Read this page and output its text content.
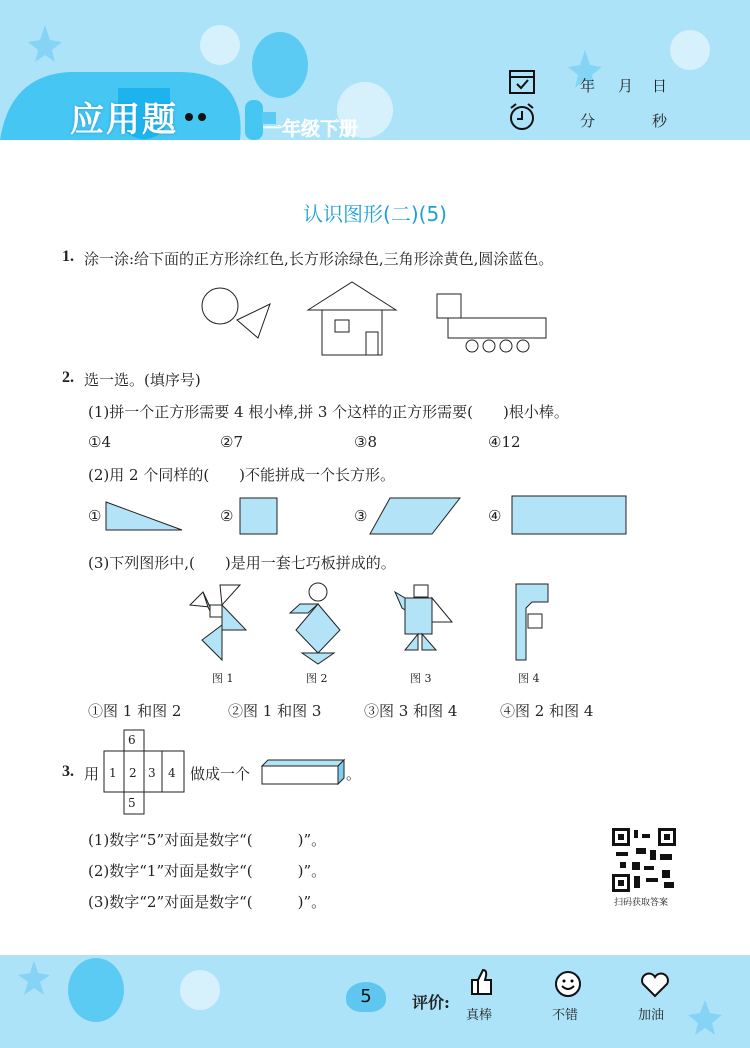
应用题	一年级下册
年 月 日
分	秒
认识图形(二)(5)
1. 涂一涂:给下面的正方形涂红色,长方形涂绿色,三角形涂黄色,圆涂蓝色。
2. 选一选。(填序号)
(1)拼一个正方形需要 4 根小棒,拼 3 个这样的正方形需要(　　)根小棒。
①4	②7	③8	④12
(2)用 2 个同样的(　　)不能拼成一个长方形。
①	②	③	④
(3)下列图形中,(　　)是用一套七巧板拼成的。
图 1	图 2	图 3	图 4
①图 1 和图 2	②图 1 和图 3	③图 3 和图 4	④图 2 和图 4
3. 用
6
1 2 3 4
5
做成一个	。
(1)数字“5”对面是数字“(　　　)”。
(2)数字“1”对面是数字“(　　　)”。
(3)数字“2”对面是数字“(　　　)”。	扫码获取答案
5	评价:
真棒	不错	加油
